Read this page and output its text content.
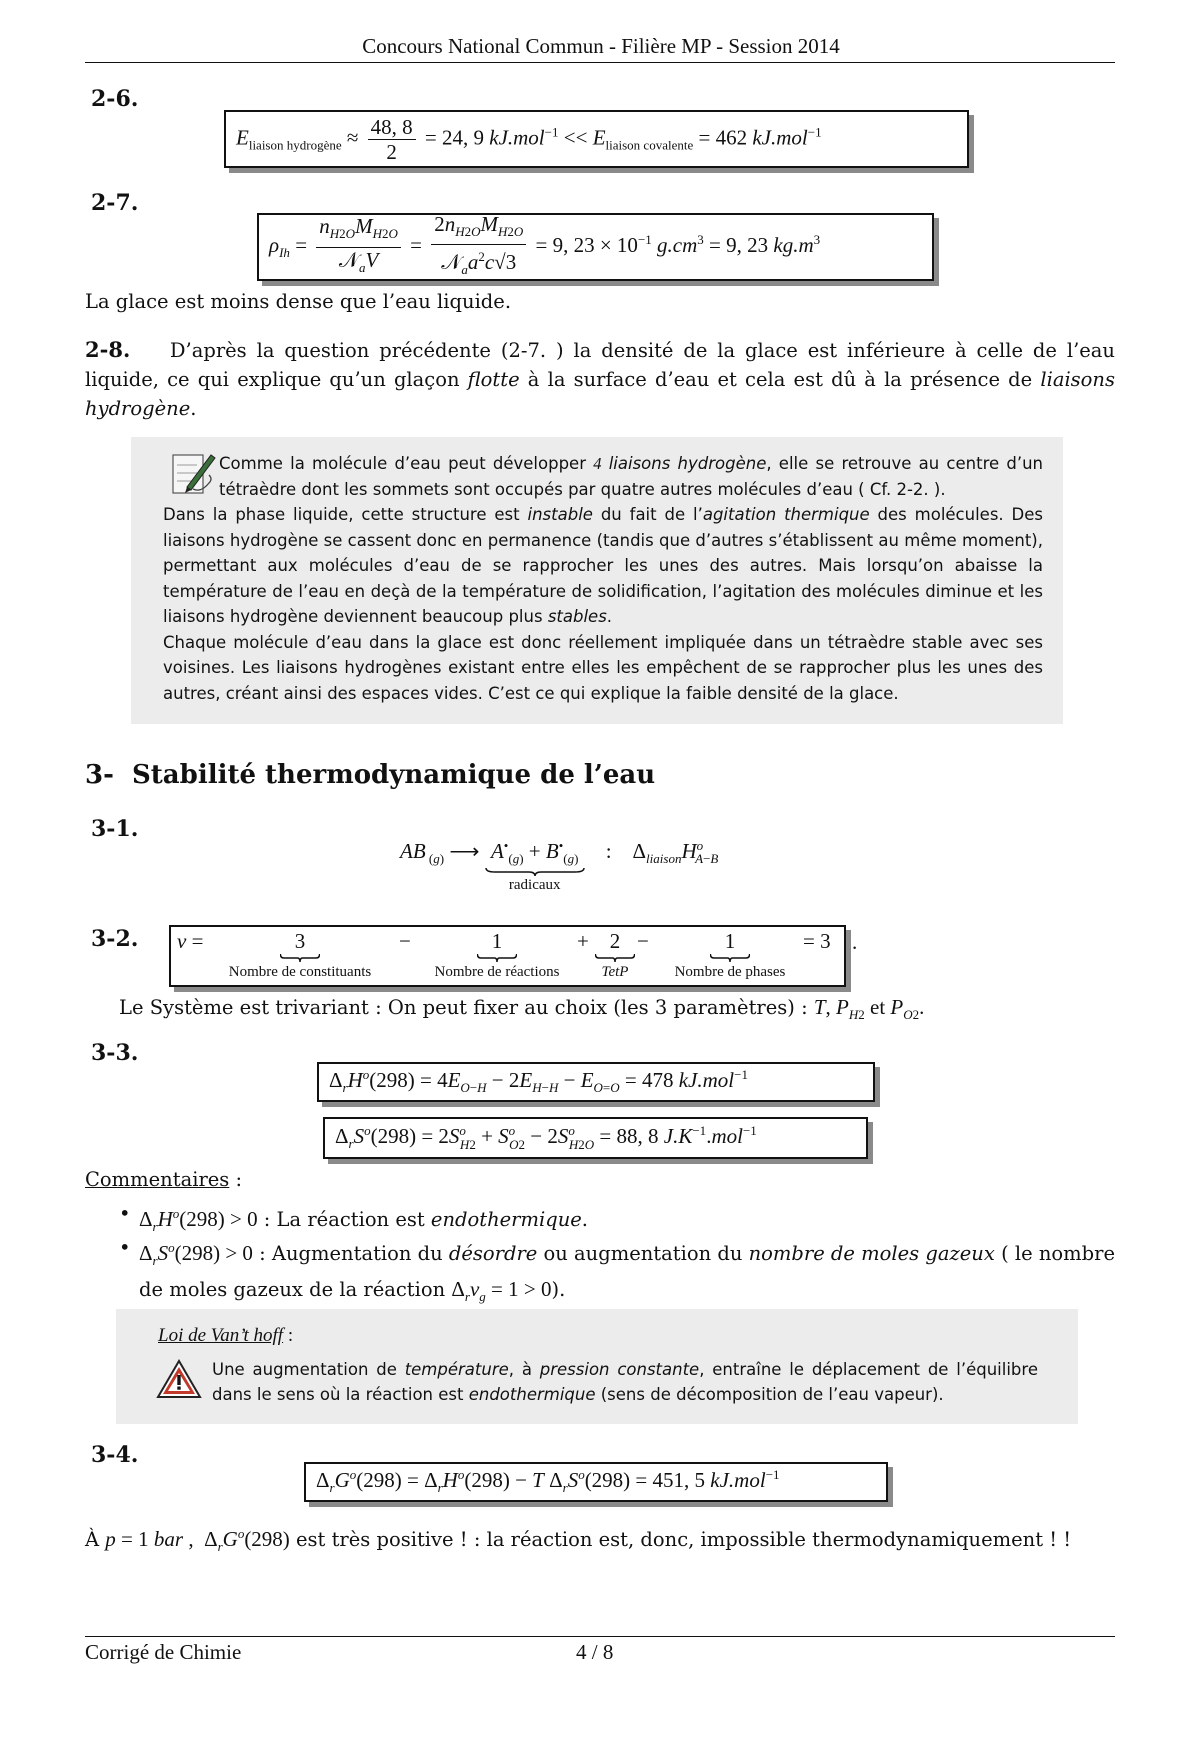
Concours National Commun - Filière MP - Session 2014
2-6.
$E_{liaison hydrogène} \approx \frac{48, 8}{2} = 24$, 9 $kJ.mol^{-1} << E_{liaison covalente} = 462$ kJ.mol$^{-1}$
2-7.
$\rho_{Ih} = \frac{n_{H2O}M_{H2O}}{𝒩_aV} = \frac{2n_{H2O}M_{H2O}}{𝒩_aa^2c√3} = 9$, $23 \times 10^{-1}$ $g.cm^3 = 9$, 23 $kg.m^3$
La glace est moins dense que l’eau liquide.
2-8. D’après la question précédente (2-7. ) la densité de la glace est inférieure à celle de l’eau liquide, ce qui explique qu’un glaçon flotte à la surface d’eau et cela est dû à la présence de liaisons hydrogène.
Comme la molécule d’eau peut développer 4 liaisons hydrogène, elle se retrouve au centre d’un tétraèdre dont les sommets sont occupés par quatre autres molécules d’eau ( Cf. 2-2. ).
Dans la phase liquide, cette structure est instable du fait de l’agitation thermique des molécules. Des liaisons hydrogène se cassent donc en permanence (tandis que d’autres s’établissent au même moment), permettant aux molécules d’eau de se rapprocher les unes des autres. Mais lorsqu’on abaisse la température de l’eau en deçà de la température de solidification, l’agitation des molécules diminue et les liaisons hydrogène deviennent beaucoup plus stables.
Chaque molécule d’eau dans la glace est donc réellement impliquée dans un tétraèdre stable avec ses voisines. Les liaisons hydrogènes existant entre elles les empêchent de se rapprocher plus les unes des autres, créant ainsi des espaces vides. C’est ce qui explique la faible densité de la glace.
3- Stabilité thermodynamique de l’eau
3-1.
AB $_{(g)}$ ⟶ $A^•_{(g)} + B^•_{(g)}$
radicaux
:    $\Delta_{liaison}H^o_{A-B}$
3-2. v =	3
Nombre de constituants
−	1
Nombre de réactions
+ 2
TetP
−	1
Nombre de phases
= 3 .
Le Système est trivariant : On peut fixer au choix (les 3 paramètres) : T, $P_{H2}$ et $P_{O2}$.
3-3.
$\Delta_rH^o(298) = 4E_{O-H} - 2E_{H-H} - E_{O=O} = 478$ kJ.mol$^{-1}$
$\Delta_rS^o(298) = 2S^o_{H2} + S^o_{O2} - 2S^o_{H2O} = 88$, 8 $J.K^{-1}.mol^{-1}$
Commentaires :
• $\Delta_rH^o(298) > 0$ : La réaction est endothermique.
• $\Delta_rS^o(298) > 0$ : Augmentation du désordre ou augmentation du nombre de moles gazeux ( le nombre de moles gazeux de la réaction $\Delta_r\nu_g = 1 > 0$).
Loi de Van’t hoff :
Une augmentation de température, à pression constante, entraîne le déplacement de l’équilibre dans le sens où la réaction est endothermique (sens de décomposition de l’eau vapeur).
3-4.
$\Delta_rG^o(298) = \Delta_rH^o(298) - T$ $\Delta_rS^o(298) = 451$, 5 kJ.mol$^{-1}$
À p = 1 bar ,  $\Delta_rG^o(298)$ est très positive ! : la réaction est, donc, impossible thermodynamiquement ! !
Corrigé de Chimie	4 / 8
